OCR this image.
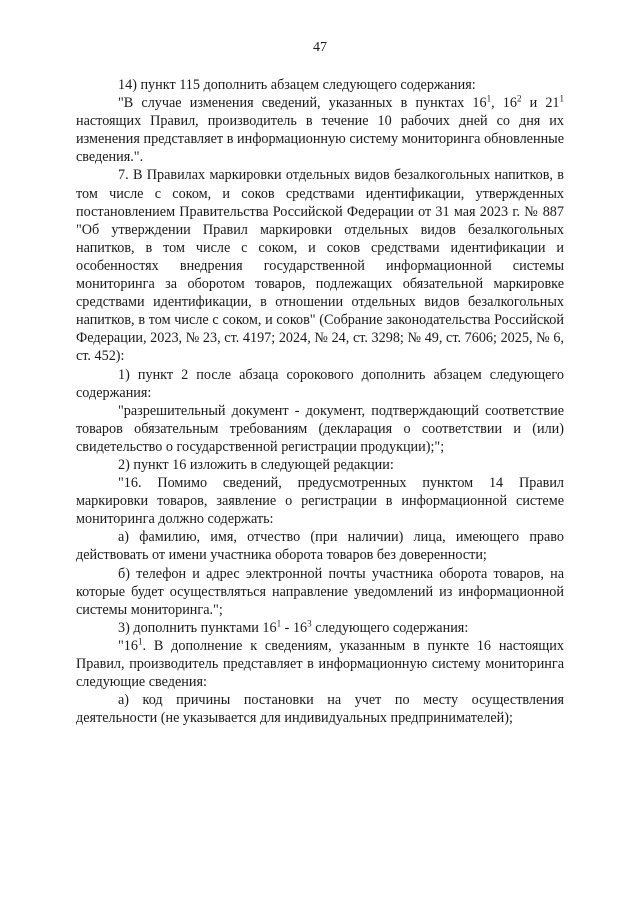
47

14) пункт 115 дополнить абзацем следующего содержания:

"В случае изменения сведений, указанных в пунктах $16^1$, $16^2$ и $21^1$ настоящих Правил, производитель в течение 10 рабочих дней со дня их изменения представляет в информационную систему мониторинга обновленные сведения.".

7. В Правилах маркировки отдельных видов безалкогольных напитков, в том числе с соком, и соков средствами идентификации, утвержденных постановлением Правительства Российской Федерации от 31 мая 2023 г. № 887 "Об утверждении Правил маркировки отдельных видов безалкогольных напитков, в том числе с соком, и соков средствами идентификации и особенностях внедрения государственной информационной системы мониторинга за оборотом товаров, подлежащих обязательной маркировке средствами идентификации, в отношении отдельных видов безалкогольных напитков, в том числе с соком, и соков" (Собрание законодательства Российской Федерации, 2023, № 23, ст. 4197; 2024, № 24, ст. 3298; № 49, ст. 7606; 2025, № 6, ст. 452):

1) пункт 2 после абзаца сорокового дополнить абзацем следующего содержания:

"разрешительный документ - документ, подтверждающий соответствие товаров обязательным требованиям (декларация о соответствии и (или) свидетельство о государственной регистрации продукции);";

2) пункт 16 изложить в следующей редакции:

"16. Помимо сведений, предусмотренных пунктом 14 Правил маркировки товаров, заявление о регистрации в информационной системе мониторинга должно содержать:

а) фамилию, имя, отчество (при наличии) лица, имеющего право действовать от имени участника оборота товаров без доверенности;

б) телефон и адрес электронной почты участника оборота товаров, на которые будет осуществляться направление уведомлений из информационной системы мониторинга.";

3) дополнить пунктами $16^1 - 16^3$ следующего содержания:

"$16^1$. В дополнение к сведениям, указанным в пункте 16 настоящих Правил, производитель представляет в информационную систему мониторинга следующие сведения:

а) код причины постановки на учет по месту осуществления деятельности (не указывается для индивидуальных предпринимателей);
